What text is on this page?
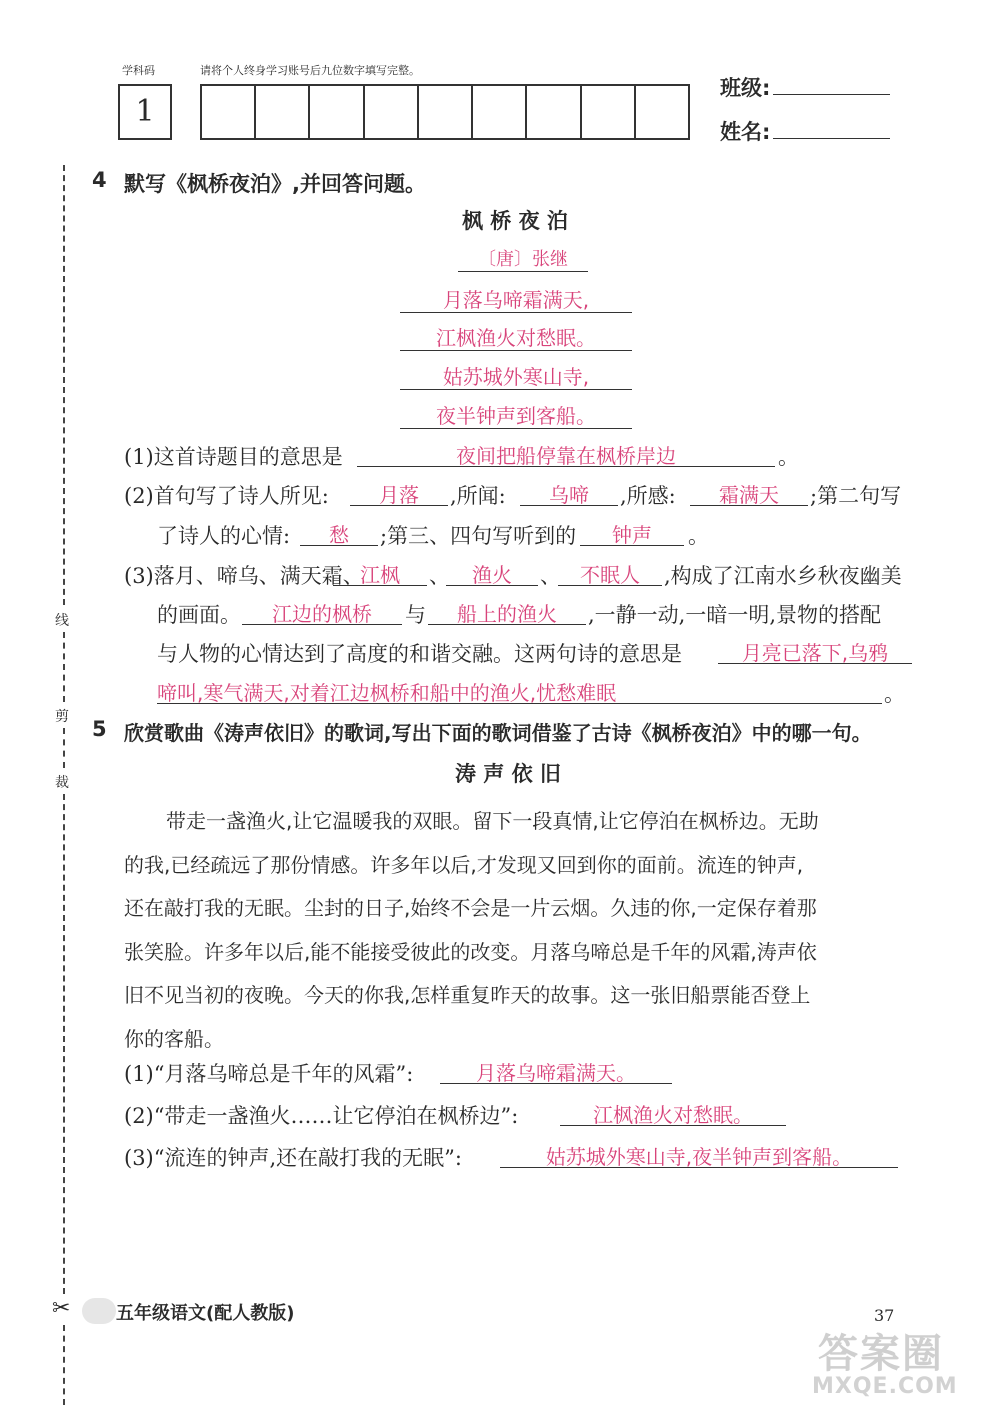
学科码	请将个人终身学习账号后九位数字填写完整。
1
班级:
姓名:
线
剪
裁
✂
4 默写《枫桥夜泊》,并回答问题。
枫 桥 夜 泊
〔唐〕张继
月落乌啼霜满天,
江枫渔火对愁眠。
姑苏城外寒山寺,
夜半钟声到客船。
(1)这首诗题目的意思是	夜间把船停靠在枫桥岸边	。
(2)首句写了诗人所见:	月落	,所闻:	乌啼	,所感:	霜满天	;第二句写
了诗人的心情:	愁	;第三、四句写听到的	钟声	。
(3)落月、啼乌、满天霜、
江枫	、	渔火	、 不眠人	,构成了江南水乡秋夜幽美
的画面。	江边的枫桥	与	船上的渔火	,一静一动,一暗一明,景物的搭配
与人物的心情达到了高度的和谐交融。这两句诗的意思是	月亮已落下,乌鸦
啼叫,寒气满天,对着江边枫桥和船中的渔火,忧愁难眠	。
5 欣赏歌曲《涛声依旧》的歌词,写出下面的歌词借鉴了古诗《枫桥夜泊》中的哪一句。
涛 声 依 旧
带走一盏渔火,让它温暖我的双眼。留下一段真情,让它停泊在枫桥边。无助
的我,已经疏远了那份情感。许多年以后,才发现又回到你的面前。流连的钟声,
还在敲打我的无眠。尘封的日子,始终不会是一片云烟。久违的你,一定保存着那
张笑脸。许多年以后,能不能接受彼此的改变。月落乌啼总是千年的风霜,涛声依
旧不见当初的夜晚。今天的你我,怎样重复昨天的故事。这一张旧船票能否登上
你的客船。
(1)“月落乌啼总是千年的风霜”:	月落乌啼霜满天。
(2)“带走一盏渔火……让它停泊在枫桥边”:	江枫渔火对愁眠。
(3)“流连的钟声,还在敲打我的无眠”:	姑苏城外寒山寺,夜半钟声到客船。
五年级语文(配人教版)	37
答案圈
MXQE.COM
